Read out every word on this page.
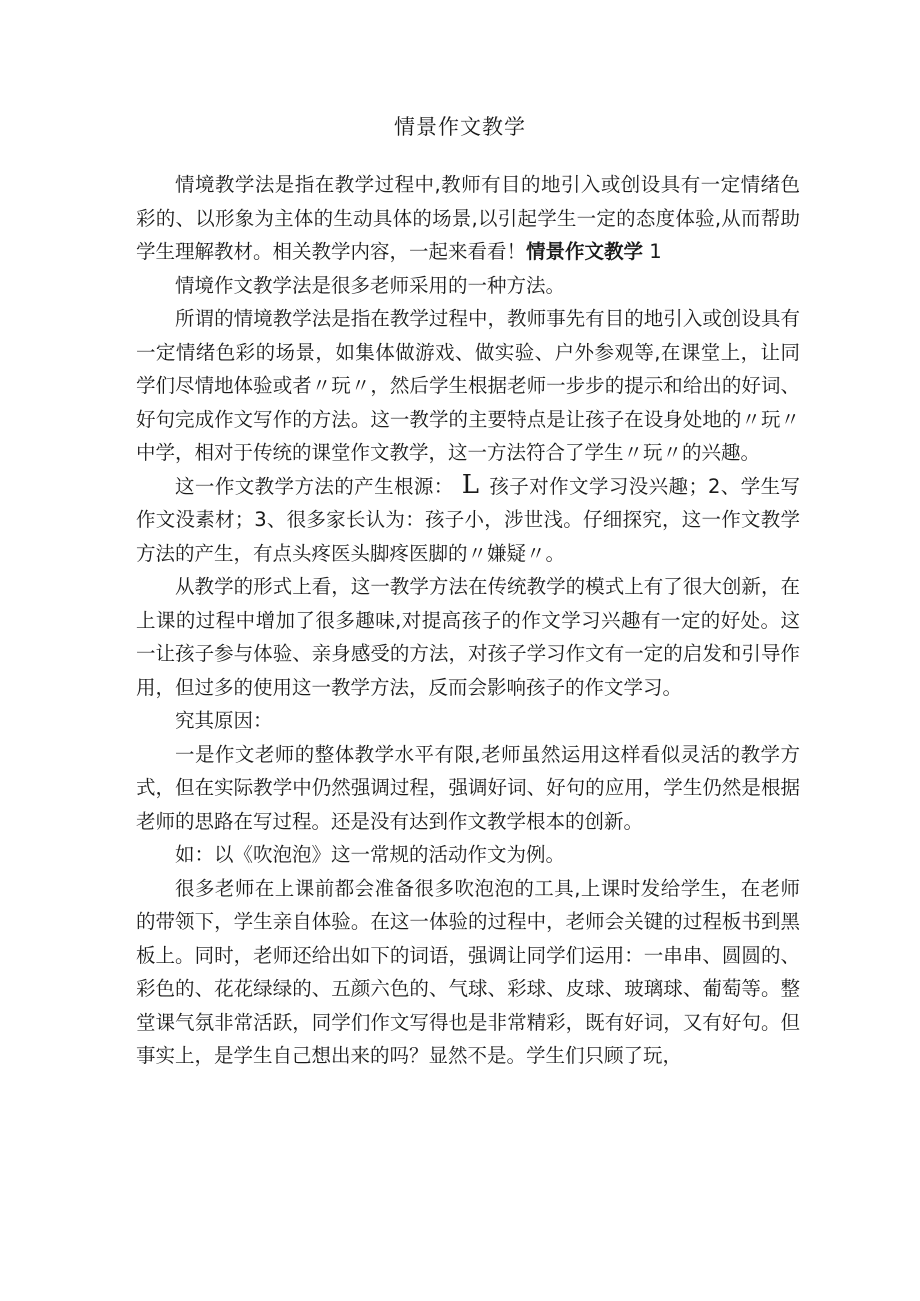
情景作文教学

情境教学法是指在教学过程中,教师有目的地引入或创设具有一定情绪色彩的、以形象为主体的生动具体的场景,以引起学生一定的态度体验,从而帮助学生理解教材。相关教学内容，一起来看看！情景作文教学 1

情境作文教学法是很多老师采用的一种方法。

所谓的情境教学法是指在教学过程中，教师事先有目的地引入或创设具有一定情绪色彩的场景，如集体做游戏、做实验、户外参观等,在课堂上，让同学们尽情地体验或者〃玩〃，然后学生根据老师一步步的提示和给出的好词、好句完成作文写作的方法。这一教学的主要特点是让孩子在设身处地的〃玩〃中学，相对于传统的课堂作文教学，这一方法符合了学生〃玩〃的兴趣。

这一作文教学方法的产生根源： L 孩子对作文学习没兴趣；2、学生写作文没素材；3、很多家长认为：孩子小，涉世浅。仔细探究，这一作文教学方法的产生，有点头疼医头脚疼医脚的〃嫌疑〃。

从教学的形式上看，这一教学方法在传统教学的模式上有了很大创新，在上课的过程中增加了很多趣味,对提高孩子的作文学习兴趣有一定的好处。这一让孩子参与体验、亲身感受的方法，对孩子学习作文有一定的启发和引导作用，但过多的使用这一教学方法，反而会影响孩子的作文学习。

究其原因：

一是作文老师的整体教学水平有限,老师虽然运用这样看似灵活的教学方式，但在实际教学中仍然强调过程，强调好词、好句的应用，学生仍然是根据老师的思路在写过程。还是没有达到作文教学根本的创新。

如：以《吹泡泡》这一常规的活动作文为例。

很多老师在上课前都会准备很多吹泡泡的工具,上课时发给学生，在老师的带领下，学生亲自体验。在这一体验的过程中，老师会关键的过程板书到黑板上。同时，老师还给出如下的词语，强调让同学们运用：一串串、圆圆的、彩色的、花花绿绿的、五颜六色的、气球、彩球、皮球、玻璃球、葡萄等。整堂课气氛非常活跃，同学们作文写得也是非常精彩，既有好词，又有好句。但事实上，是学生自己想出来的吗？显然不是。学生们只顾了玩，
